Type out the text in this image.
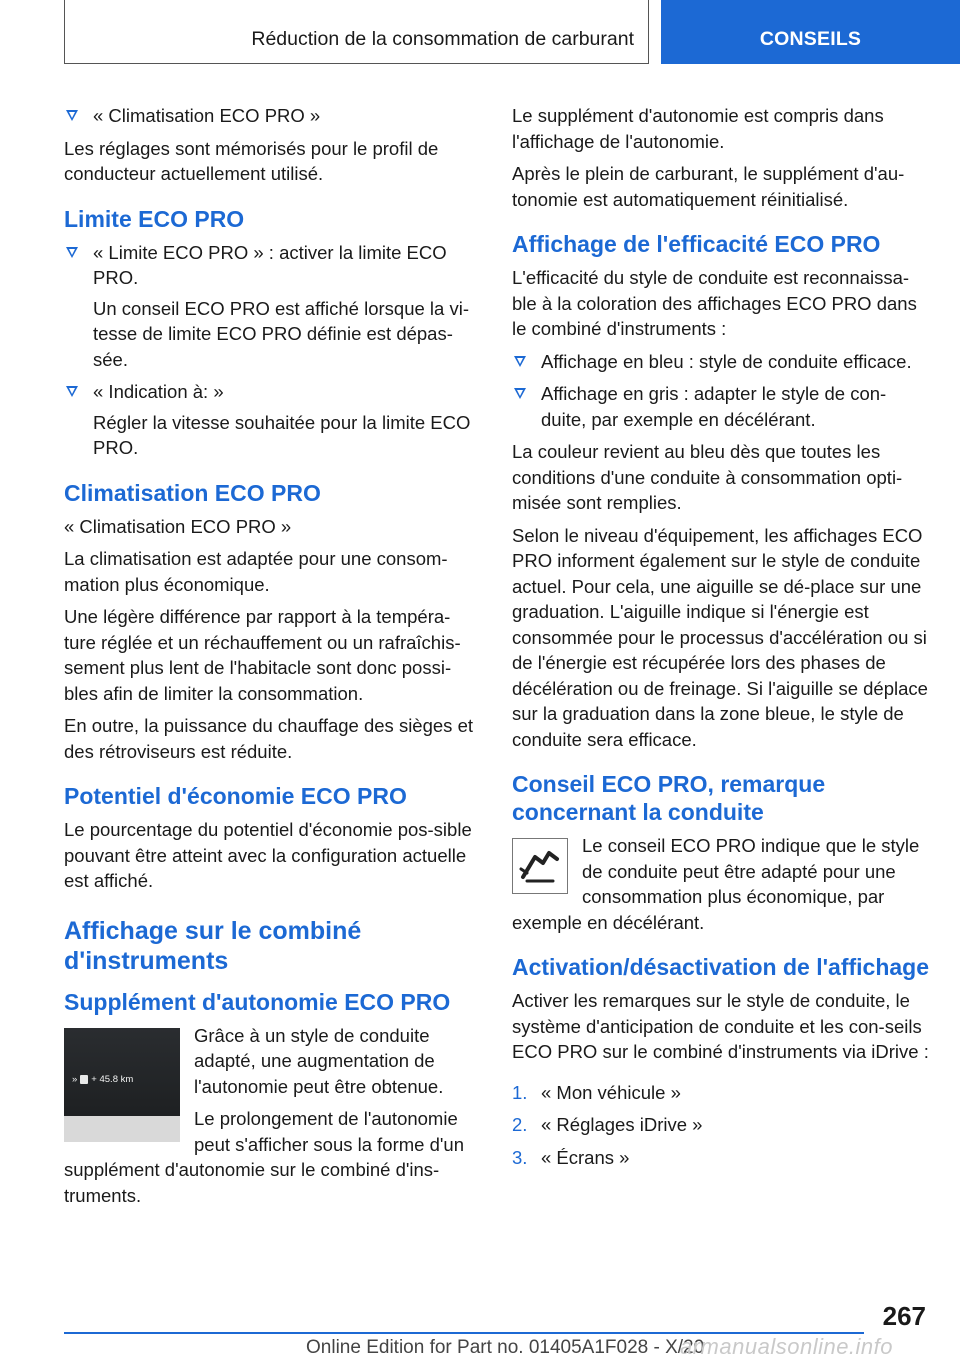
Réduction de la consommation de carburant	CONSEILS

« Climatisation ECO PRO »

Les réglages sont mémorisés pour le profil de conducteur actuellement utilisé.

Limite ECO PRO

« Limite ECO PRO » : activer la limite ECO PRO.

Un conseil ECO PRO est affiché lorsque la vi‐tesse de limite ECO PRO définie est dépas‐sée.

« Indication à: »

Régler la vitesse souhaitée pour la limite ECO PRO.

Climatisation ECO PRO

« Climatisation ECO PRO »

La climatisation est adaptée pour une consom‐mation plus économique.

Une légère différence par rapport à la tempéra‐ture réglée et un réchauffement ou un rafraîchis‐sement plus lent de l'habitacle sont donc possi‐bles afin de limiter la consommation.

En outre, la puissance du chauffage des sièges et des rétroviseurs est réduite.

Potentiel d'économie ECO PRO

Le pourcentage du potentiel d'économie pos‐sible pouvant être atteint avec la configuration actuelle est affiché.

Affichage sur le combiné d'instruments
Supplément d'autonomie ECO PRO
» + 45.8 km

Grâce à un style de conduite adapté, une augmentation de l'autonomie peut être obtenue.

Le prolongement de l'autonomie peut s'afficher sous la forme d'un supplément d'autonomie sur le combiné d'ins‐truments.

Le supplément d'autonomie est compris dans l'affichage de l'autonomie.

Après le plein de carburant, le supplément d'au‐tonomie est automatiquement réinitialisé.

Affichage de l'efficacité ECO PRO

L'efficacité du style de conduite est reconnaissa‐ble à la coloration des affichages ECO PRO dans le combiné d'instruments :

Affichage en bleu : style de conduite efficace.

Affichage en gris : adapter le style de con‐duite, par exemple en décélérant.

La couleur revient au bleu dès que toutes les conditions d'une conduite à consommation opti‐misée sont remplies.

Selon le niveau d'équipement, les affichages ECO PRO informent également sur le style de conduite actuel. Pour cela, une aiguille se dé‐place sur une graduation. L'aiguille indique si l'énergie est consommée pour le processus d'accélération ou si de l'énergie est récupérée lors des phases de décélération ou de freinage. Si l'aiguille se déplace sur la graduation dans la zone bleue, le style de conduite sera efficace.

Conseil ECO PRO, remarque concernant la conduite

Le conseil ECO PRO indique que le style de conduite peut être adapté pour une consommation plus économique, par exemple en décélérant.

Activation/désactivation de l'affichage

Activer les remarques sur le style de conduite, le système d'anticipation de conduite et les con‐seils ECO PRO sur le combiné d'instruments via iDrive :

1. « Mon véhicule »

2. « Réglages iDrive »

3. « Écrans »

267
Online Edition for Part no. 01405A1F028 - X/20
armanualsonline.info
